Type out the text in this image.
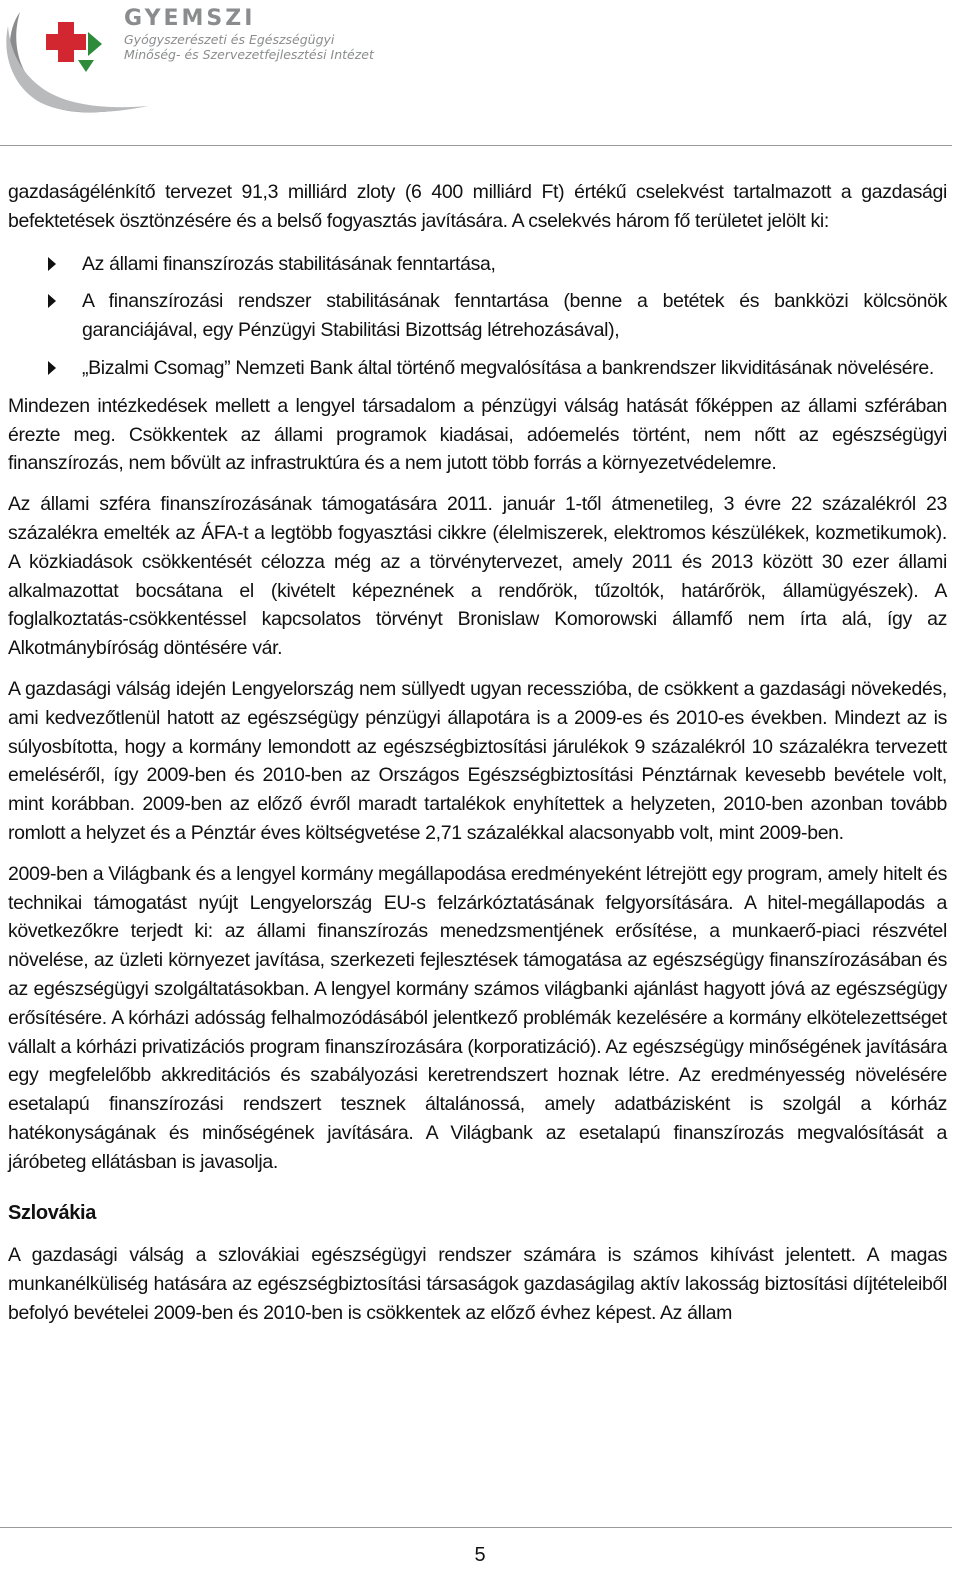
GYEMSZI
Gyógyszerészeti és Egészségügyi
Minőség- és Szervezetfejlesztési Intézet

gazdaságélénkítő tervezet 91,3 milliárd zloty (6 400 milliárd Ft) értékű cselekvést tartalmazott a gazdasági befektetések ösztönzésére és a belső fogyasztás javítására. A cselekvés három fő területet jelölt ki:

Az állami finanszírozás stabilitásának fenntartása,
A finanszírozási rendszer stabilitásának fenntartása (benne a betétek és bankközi kölcsönök garanciájával, egy Pénzügyi Stabilitási Bizottság létrehozásával),
„Bizalmi Csomag” Nemzeti Bank által történő megvalósítása a bankrendszer likviditásának növelésére.

Mindezen intézkedések mellett a lengyel társadalom a pénzügyi válság hatását főképpen az állami szférában érezte meg. Csökkentek az állami programok kiadásai, adóemelés történt, nem nőtt az egészségügyi finanszírozás, nem bővült az infrastruktúra és a nem jutott több forrás a környezetvédelemre.

Az állami szféra finanszírozásának támogatására 2011. január 1-től átmenetileg, 3 évre 22 százalékról 23 százalékra emelték az ÁFA-t a legtöbb fogyasztási cikkre (élelmiszerek, elektromos készülékek, kozmetikumok). A közkiadások csökkentését célozza még az a törvénytervezet, amely 2011 és 2013 között 30 ezer állami alkalmazottat bocsátana el (kivételt képeznének a rendőrök, tűzoltók, határőrök, államügyészek). A foglalkoztatás-csökkentéssel kapcsolatos törvényt Bronislaw Komorowski államfő nem írta alá, így az Alkotmánybíróság döntésére vár.

A gazdasági válság idején Lengyelország nem süllyedt ugyan recesszióba, de csökkent a gazdasági növekedés, ami kedvezőtlenül hatott az egészségügy pénzügyi állapotára is a 2009-es és 2010-es években. Mindezt az is súlyosbította, hogy a kormány lemondott az egészségbiztosítási járulékok 9 százalékról 10 százalékra tervezett emeléséről, így 2009-ben és 2010-ben az Országos Egészségbiztosítási Pénztárnak kevesebb bevétele volt, mint korábban. 2009-ben az előző évről maradt tartalékok enyhítettek a helyzeten, 2010-ben azonban tovább romlott a helyzet és a Pénztár éves költségvetése 2,71 százalékkal alacsonyabb volt, mint 2009-ben.

2009-ben a Világbank és a lengyel kormány megállapodása eredményeként létrejött egy program, amely hitelt és technikai támogatást nyújt Lengyelország EU-s felzárkóztatásának felgyorsítására. A hitel-megállapodás a következőkre terjedt ki: az állami finanszírozás menedzsmentjének erősítése, a munkaerő-piaci részvétel növelése, az üzleti környezet javítása, szerkezeti fejlesztések támogatása az egészségügy finanszírozásában és az egészségügyi szolgáltatásokban. A lengyel kormány számos világbanki ajánlást hagyott jóvá az egészségügy erősítésére. A kórházi adósság felhalmozódásából jelentkező problémák kezelésére a kormány elkötelezettséget vállalt a kórházi privatizációs program finanszírozására (korporatizáció). Az egészségügy minőségének javítására egy megfelelőbb akkreditációs és szabályozási keretrendszert hoznak létre. Az eredményesség növelésére esetalapú finanszírozási rendszert tesznek általánossá, amely adatbázisként is szolgál a kórház hatékonyságának és minőségének javítására. A Világbank az esetalapú finanszírozás megvalósítását a járóbeteg ellátásban is javasolja.

Szlovákia

A gazdasági válság a szlovákiai egészségügyi rendszer számára is számos kihívást jelentett. A magas munkanélküliség hatására az egészségbiztosítási társaságok gazdaságilag aktív lakosság biztosítási díjtételeiből befolyó bevételei 2009-ben és 2010-ben is csökkentek az előző évhez képest. Az állam

5
